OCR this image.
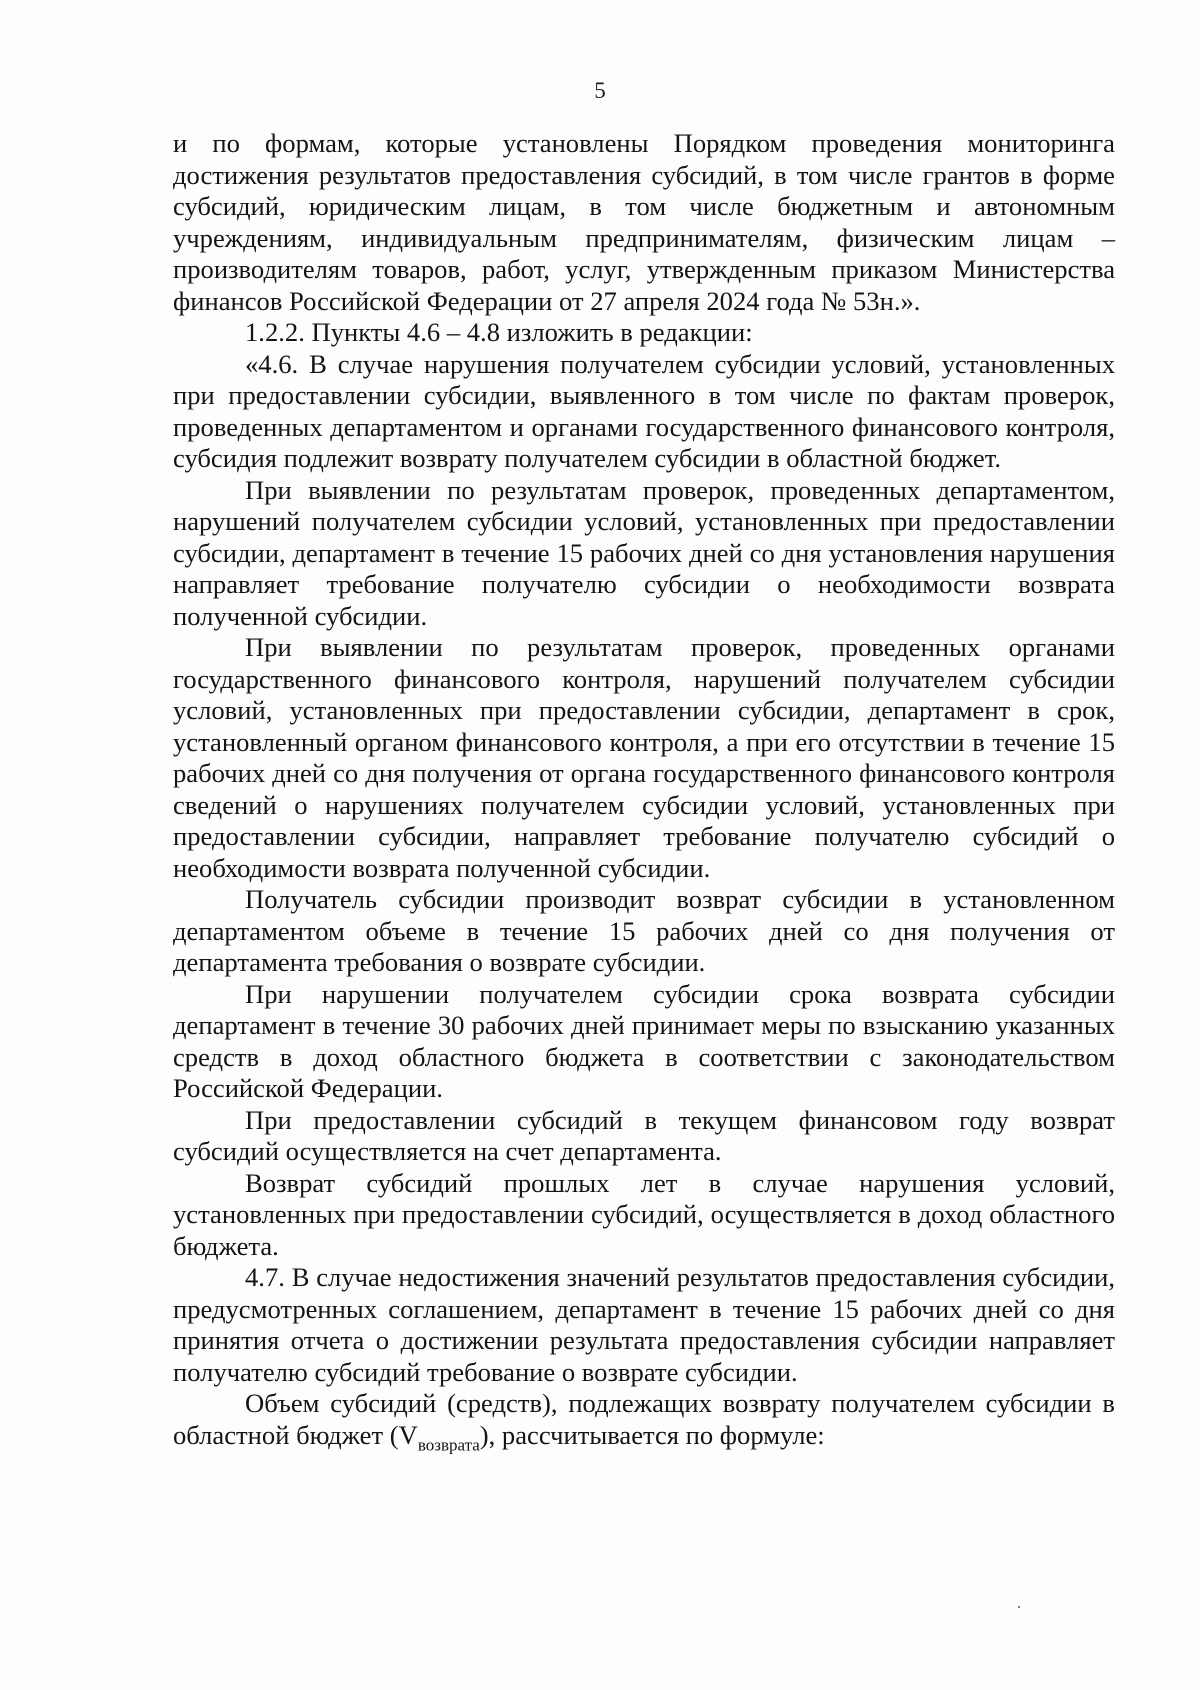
5

и по формам, которые установлены Порядком проведения мониторинга достижения результатов предоставления субсидий, в том числе грантов в форме субсидий, юридическим лицам, в том числе бюджетным и автономным учреждениям, индивидуальным предпринимателям, физическим лицам – производителям товаров, работ, услуг, утвержденным приказом Министерства финансов Российской Федерации от 27 апреля 2024 года № 53н.».

1.2.2. Пункты 4.6 – 4.8 изложить в редакции:

«4.6. В случае нарушения получателем субсидии условий, установленных при предоставлении субсидии, выявленного в том числе по фактам проверок, проведенных департаментом и органами государственного финансового контроля, субсидия подлежит возврату получателем субсидии в областной бюджет.

При выявлении по результатам проверок, проведенных департаментом, нарушений получателем субсидии условий, установленных при предоставлении субсидии, департамент в течение 15 рабочих дней со дня установления нарушения направляет требование получателю субсидии о необходимости возврата полученной субсидии.

При выявлении по результатам проверок, проведенных органами государственного финансового контроля, нарушений получателем субсидии условий, установленных при предоставлении субсидии, департамент в срок, установленный органом финансового контроля, а при его отсутствии в течение 15 рабочих дней со дня получения от органа государственного финансового контроля сведений о нарушениях получателем субсидии условий, установленных при предоставлении субсидии, направляет требование получателю субсидий о необходимости возврата полученной субсидии.

Получатель субсидии производит возврат субсидии в установленном департаментом объеме в течение 15 рабочих дней со дня получения от департамента требования о возврате субсидии.

При нарушении получателем субсидии срока возврата субсидии департамент в течение 30 рабочих дней принимает меры по взысканию указанных средств в доход областного бюджета в соответствии с законодательством Российской Федерации.

При предоставлении субсидий в текущем финансовом году возврат субсидий осуществляется на счет департамента.

Возврат субсидий прошлых лет в случае нарушения условий, установленных при предоставлении субсидий, осуществляется в доход областного бюджета.

4.7. В случае недостижения значений результатов предоставления субсидии, предусмотренных соглашением, департамент в течение 15 рабочих дней со дня принятия отчета о достижении результата предоставления субсидии направляет получателю субсидий требование о возврате субсидии.

Объем субсидий (средств), подлежащих возврату получателем субсидии в областной бюджет $(V_{возврата})$, рассчитывается по формуле:
